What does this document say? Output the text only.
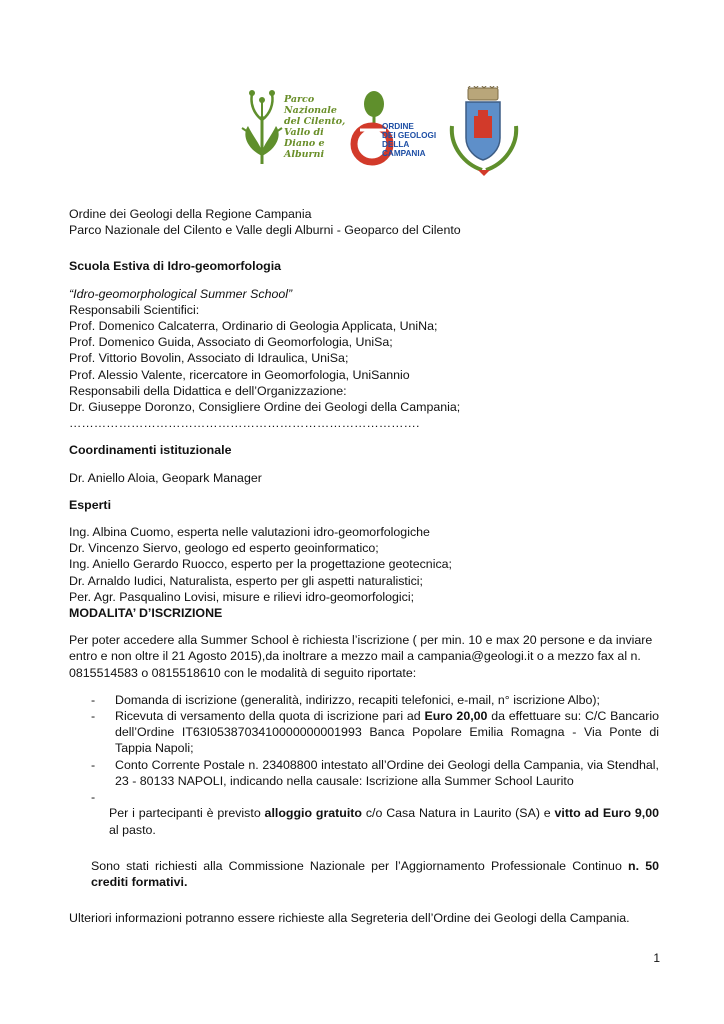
Parco Nazionale del Cilento, Vallo di Diano e Alburni
ORDINE
DEI GEOLOGI
DELLA
CAMPANIA

Ordine dei Geologi della Regione Campania

Parco Nazionale del Cilento e Valle degli Alburni - Geoparco del Cilento

Scuola Estiva di Idro-geomorfologia

“Idro-geomorphological Summer School”

Responsabili Scientifici:

Prof. Domenico Calcaterra, Ordinario di Geologia Applicata, UniNa;

Prof. Domenico Guida, Associato di Geomorfologia, UniSa;

Prof. Vittorio Bovolin, Associato di Idraulica, UniSa;

Prof. Alessio Valente, ricercatore in Geomorfologia, UniSannio

Responsabili della Didattica e dell’Organizzazione:

Dr. Giuseppe Doronzo, Consigliere Ordine dei Geologi della Campania;

………………………………………………………………………….

Coordinamenti istituzionale

Dr. Aniello Aloia, Geopark Manager

Esperti

Ing. Albina Cuomo, esperta nelle valutazioni idro-geomorfologiche

Dr. Vincenzo Siervo, geologo ed esperto geoinformatico;

Ing. Aniello Gerardo Ruocco, esperto per la progettazione geotecnica;

Dr. Arnaldo Iudici, Naturalista, esperto per gli aspetti naturalistici;

Per. Agr. Pasqualino Lovisi, misure e rilievi idro-geomorfologici;

MODALITA’ D’ISCRIZIONE

Per poter accedere alla Summer School è richiesta l’iscrizione ( per min. 10 e max 20 persone e da inviare entro e non oltre il 21 Agosto 2015),da inoltrare a mezzo mail a campania@geologi.it o a mezzo fax al n. 0815514583 o 0815518610 con le modalità di seguito riportate:

- Domanda di iscrizione (generalità, indirizzo, recapiti telefonici, e-mail, n° iscrizione Albo);
- Ricevuta di versamento della quota di iscrizione pari ad Euro 20,00 da effettuare su: C/C Bancario dell’Ordine IT63I0538703410000000001993 Banca Popolare Emilia Romagna - Via Ponte di Tappia Napoli;
- Conto Corrente Postale n. 23408800 intestato all’Ordine dei Geologi della Campania, via Stendhal, 23 - 80133 NAPOLI, indicando nella causale: Iscrizione alla Summer School Laurito
-

Per i partecipanti è previsto alloggio gratuito c/o Casa Natura in Laurito (SA) e vitto ad Euro 9,00 al pasto.

Sono stati richiesti alla Commissione Nazionale per l’Aggiornamento Professionale Continuo n. 50 crediti formativi.

Ulteriori informazioni potranno essere richieste alla Segreteria dell’Ordine dei Geologi della Campania.

1
